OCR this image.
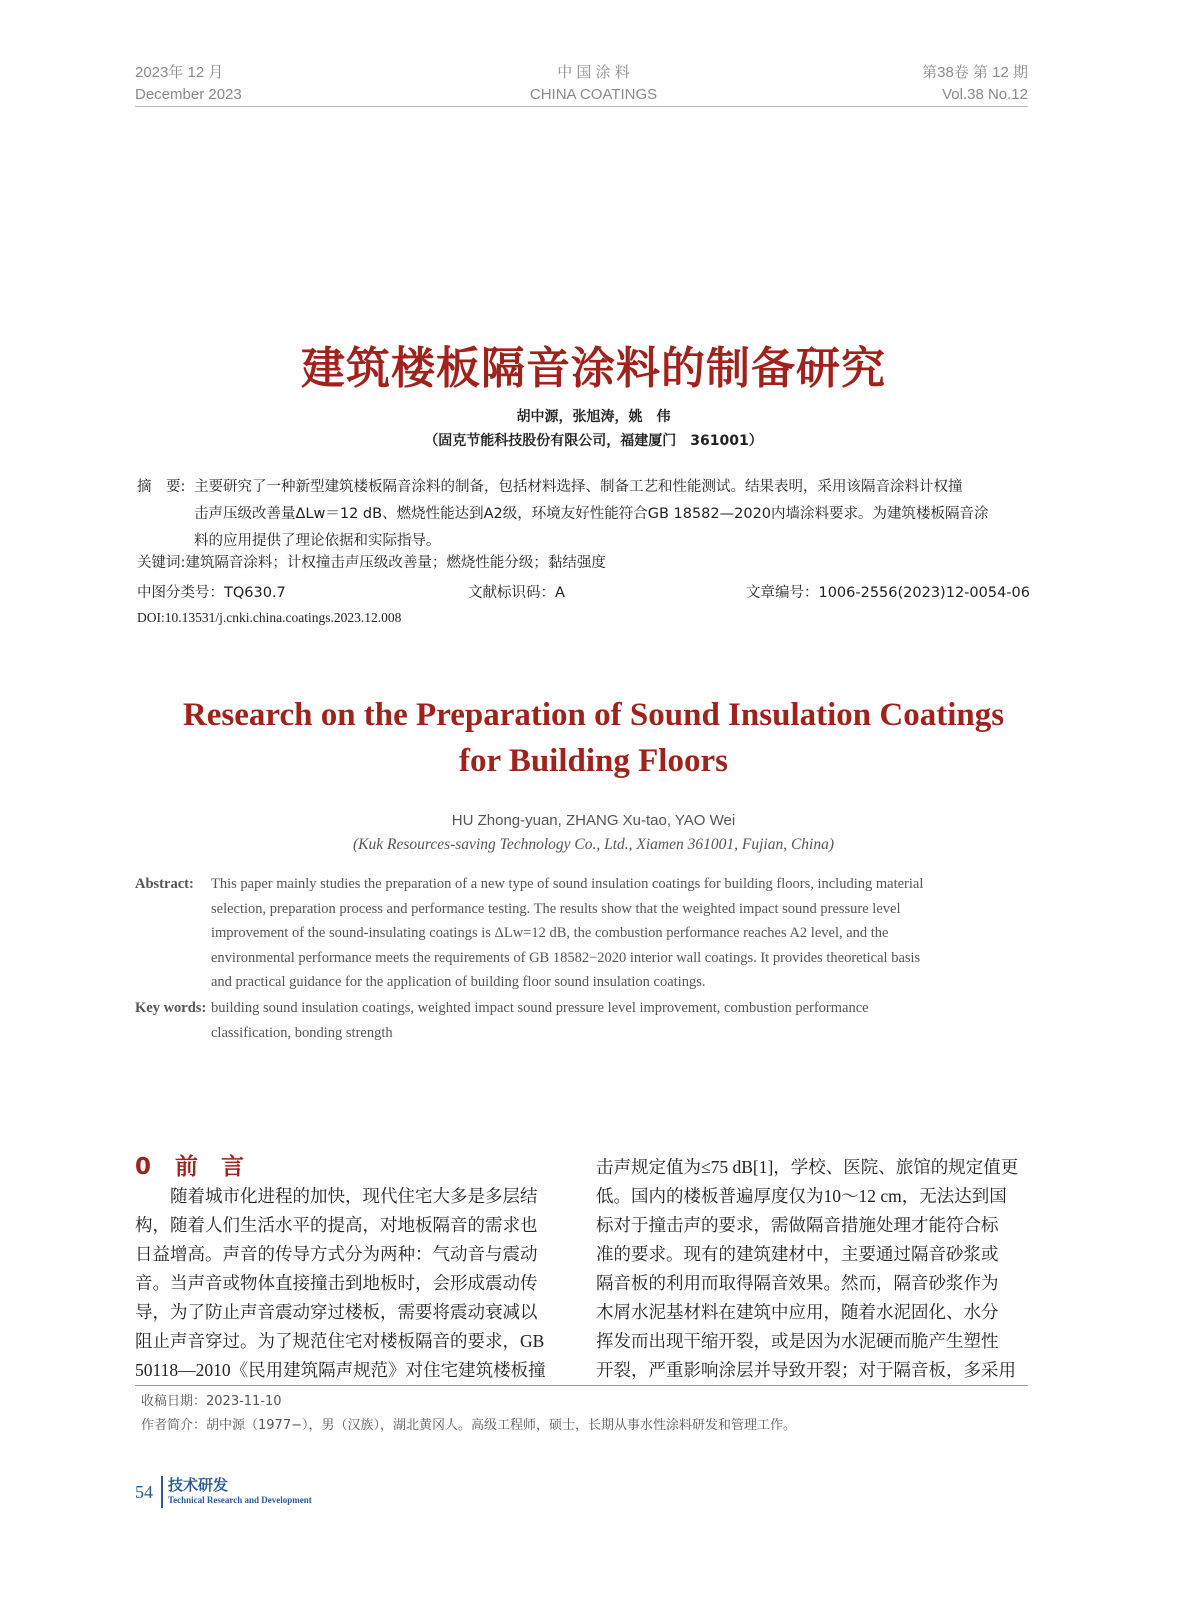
2023年 12 月
December 2023
中 国 涂 料
CHINA COATINGS
第38卷 第 12 期
Vol.38 No.12
建筑楼板隔音涂料的制备研究
胡中源，张旭涛，姚　伟
（固克节能科技股份有限公司，福建厦门　361001）
摘　要: 主要研究了一种新型建筑楼板隔音涂料的制备，包括材料选择、制备工艺和性能测试。结果表明，采用该隔音涂料计权撞
击声压级改善量ΔLw＝12 dB、燃烧性能达到A2级，环境友好性能符合GB 18582—2020内墙涂料要求。为建筑楼板隔音涂
料的应用提供了理论依据和实际指导。
关键词:建筑隔音涂料；计权撞击声压级改善量；燃烧性能分级；黏结强度
中图分类号：TQ630.7	文献标识码：A	文章编号：1006-2556(2023)12-0054-06
DOI:10.13531/j.cnki.china.coatings.2023.12.008
Research on the Preparation of Sound Insulation Coatings
for Building Floors
HU Zhong-yuan, ZHANG Xu-tao, YAO Wei
(Kuk Resources-saving Technology Co., Ltd., Xiamen 361001, Fujian, China)
Abstract: This paper mainly studies the preparation of a new type of sound insulation coatings for building floors, including material
selection, preparation process and performance testing. The results show that the weighted impact sound pressure level
improvement of the sound-insulating coatings is ΔLw=12 dB, the combustion performance reaches A2 level, and the
environmental performance meets the requirements of GB 18582−2020 interior wall coatings. It provides theoretical basis
and practical guidance for the application of building floor sound insulation coatings.
Key words: building sound insulation coatings, weighted impact sound pressure level improvement, combustion performance
classification, bonding strength
0 前　言
　　随着城市化进程的加快，现代住宅大多是多层结
构，随着人们生活水平的提高，对地板隔音的需求也
日益增高。声音的传导方式分为两种：气动音与震动
音。当声音或物体直接撞击到地板时，会形成震动传
导，为了防止声音震动穿过楼板，需要将震动衰减以
阻止声音穿过。为了规范住宅对楼板隔音的要求，GB
50118—2010《民用建筑隔声规范》对住宅建筑楼板撞
击声规定值为≤75 dB[1]，学校、医院、旅馆的规定值更
低。国内的楼板普遍厚度仅为10～12 cm，无法达到国
标对于撞击声的要求，需做隔音措施处理才能符合标
准的要求。现有的建筑建材中，主要通过隔音砂浆或
隔音板的利用而取得隔音效果。然而，隔音砂浆作为
木屑水泥基材料在建筑中应用，随着水泥固化、水分
挥发而出现干缩开裂，或是因为水泥硬而脆产生塑性
开裂，严重影响涂层并导致开裂；对于隔音板，多采用
收稿日期：2023-11-10
作者简介：胡中源（1977−），男（汉族），湖北黄冈人。高级工程师，硕士，长期从事水性涂料研发和管理工作。
54 技术研发
Technical Research and Development
